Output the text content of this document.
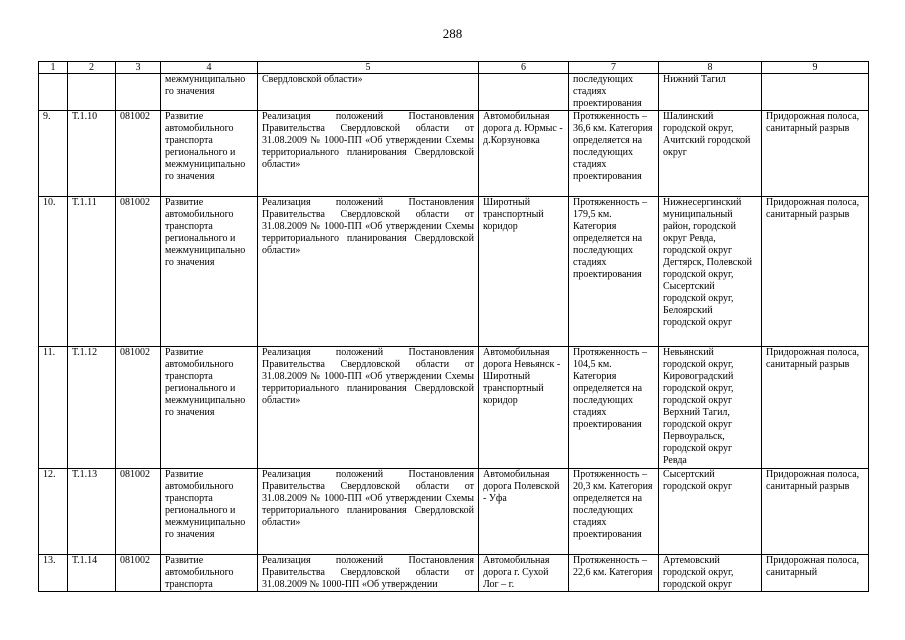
288
1	2	3	4	5	6	7	8	9
			межмуниципально го значения	Свердловской области»		последующих стадиях проектирования	Нижний Тагил	
9.	Т.1.10	081002	Развитие автомобильного транспорта регионального и межмуниципально го значения	Реализация положений Постановления Правительства Свердловской области от 31.08.2009 № 1000-ПП «Об утверждении Схемы территориального планирования Свердловской области»	Автомобильная дорога д. Юрмыс - д.Корзуновка	Протяженность – 36,6 км. Категория определяется на последующих стадиях проектирования	Шалинский городской округ, Ачитский городской округ	Придорожная полоса, санитарный разрыв
10.	Т.1.11	081002	Развитие автомобильного транспорта регионального и межмуниципально го значения	Реализация положений Постановления Правительства Свердловской области от 31.08.2009 № 1000-ПП «Об утверждении Схемы территориального планирования Свердловской области»	Широтный транспортный коридор	Протяженность – 179,5 км. Категория определяется на последующих стадиях проектирования	Нижнесергинский муниципальный район, городской округ Ревда, городской округ Дегтярск, Полевской городской округ, Сысертский городской округ, Белоярский городской округ	Придорожная полоса, санитарный разрыв
11.	Т.1.12	081002	Развитие автомобильного транспорта регионального и межмуниципально го значения	Реализация положений Постановления Правительства Свердловской области от 31.08.2009 № 1000-ПП «Об утверждении Схемы территориального планирования Свердловской области»	Автомобильная дорога Невьянск - Широтный транспортный коридор	Протяженность – 104,5 км. Категория определяется на последующих стадиях проектирования	Невьянский городской округ, Кировоградский городской округ, городской округ Верхний Тагил, городской округ Первоуральск, городской округ Ревда	Придорожная полоса, санитарный разрыв
12.	Т.1.13	081002	Развитие автомобильного транспорта регионального и межмуниципально го значения	Реализация положений Постановления Правительства Свердловской области от 31.08.2009 № 1000-ПП «Об утверждении Схемы территориального планирования Свердловской области»	Автомобильная дорога Полевской - Уфа	Протяженность – 20,3 км. Категория определяется на последующих стадиях проектирования	Сысертский городской округ	Придорожная полоса, санитарный разрыв
13.	Т.1.14	081002	Развитие автомобильного транспорта	Реализация положений Постановления Правительства Свердловской области от 31.08.2009 № 1000-ПП «Об утверждении	Автомобильная дорога г. Сухой Лог – г.	Протяженность – 22,6 км. Категория	Артемовский городской округ, городской округ	Придорожная полоса, санитарный
